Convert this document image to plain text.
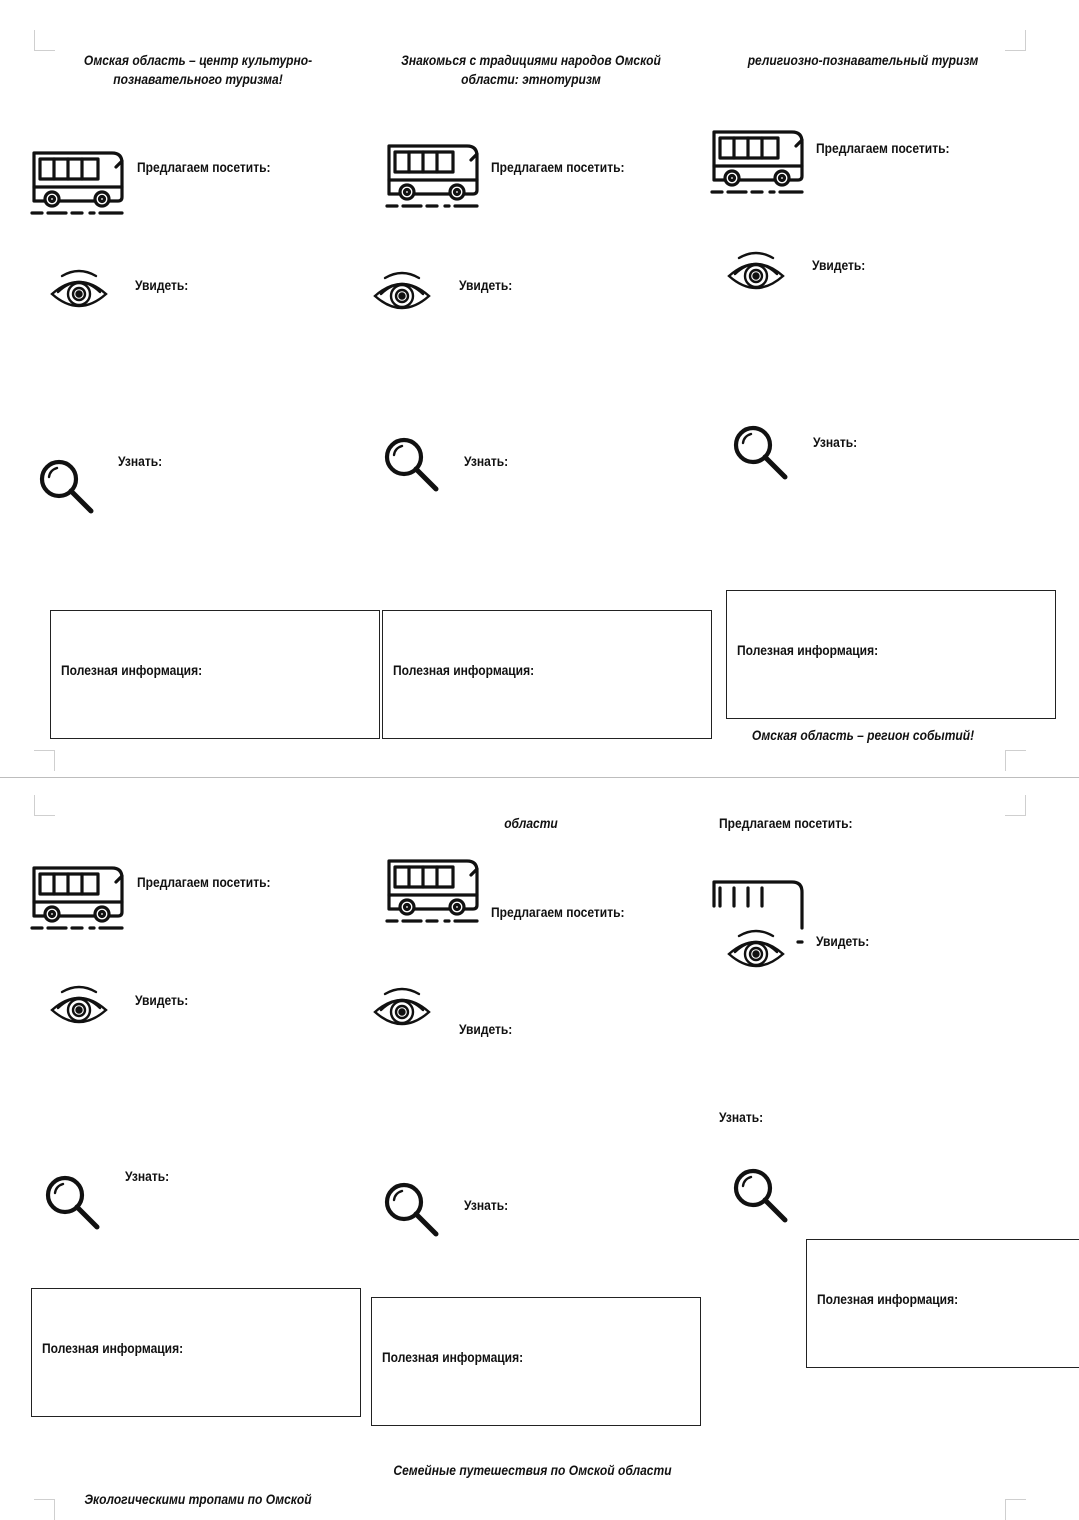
Омская область – центр культурно-
познавательного туризма!
Знакомься с традициями народов Омской
области: этнотуризм
религиозно-познавательный туризм
Предлагаем посетить:
Увидеть:
Узнать:
Полезная информация:
Предлагаем посетить:
Увидеть:
Узнать:
Полезная информация:
Предлагаем посетить:
Увидеть:
Узнать:
Полезная информация:
Омская область – регион событий!
Предлагаем посетить:
Увидеть:
Узнать:
Полезная информация:
области
Предлагаем посетить:
Увидеть:
Узнать:
Полезная информация:
Семейные путешествия по Омской области
Предлагаем посетить:
Увидеть:
Узнать:
Полезная информация:
Экологическими тропами по Омской
